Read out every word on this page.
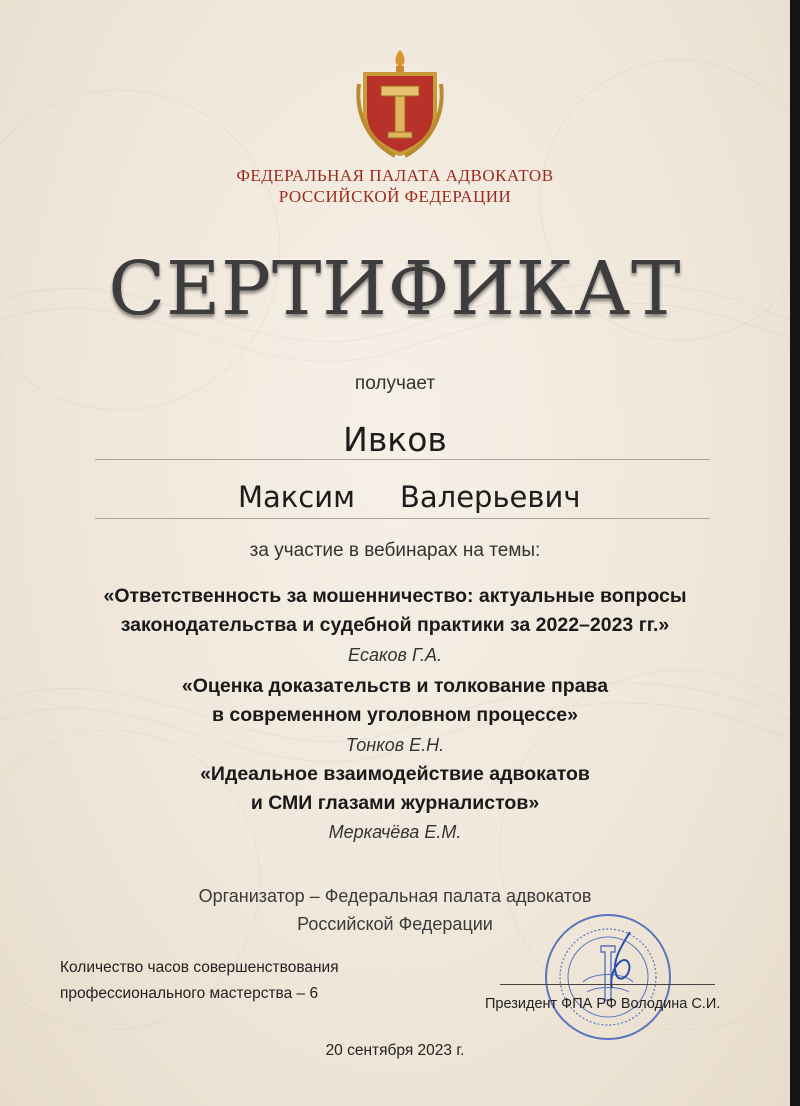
ФЕДЕРАЛЬНАЯ ПАЛАТА АДВОКАТОВ
РОССИЙСКОЙ ФЕДЕРАЦИИ
СЕРТИФИКАТ
получает
Ивков
Максим Валерьевич
за участие в вебинарах на темы:
«Ответственность за мошенничество: актуальные вопросы
законодательства и судебной практики за 2022–2023 гг.»
Есаков Г.А.
«Оценка доказательств и толкование права
в современном уголовном процессе»
Тонков Е.Н.
«Идеальное взаимодействие адвокатов
и СМИ глазами журналистов»
Меркачёва Е.М.
Организатор – Федеральная палата адвокатов
Российской Федерации
Количество часов совершенствования
профессионального мастерства – 6
Президент ФПА РФ Володина С.И.
20 сентября 2023 г.
